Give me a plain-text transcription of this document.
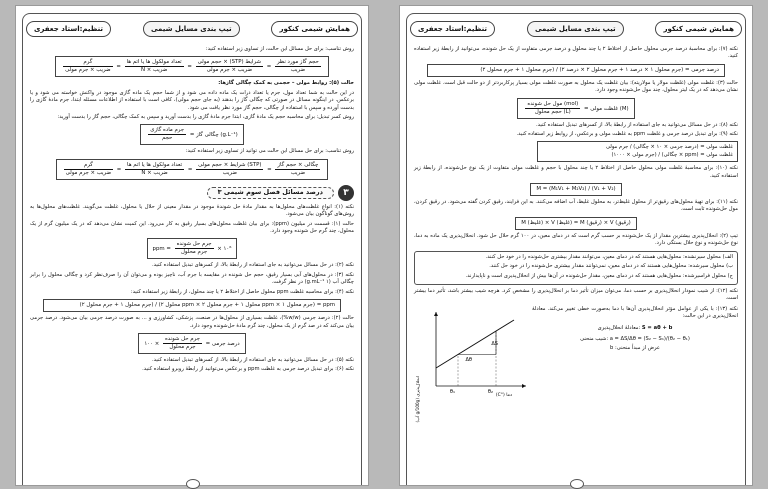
تنظیم:استاد جعفری	تیپ بندی مسایل شیمی	همایش شیمی کنکور

روش تناسب: برای حل مسائل این حالت، از تساوی زیر استفاده کنید:

$\frac{\text{حجم گاز مورد نظر}}{\text{ضریب}}$
=
$\frac{\text{شرایط (STP) × حجم مولی}}{\text{ضریب × جرم مولی}}$
=
$\frac{\text{تعداد مولکول ها یا اتم ها}}{\text{ضریب × N}}$
=
$\frac{\text{گرم}}{\text{ضریب × جرم مولی}}$

حالت (۵): روابط مولی – حجمی به کمک چگالی گازها:

در این حالت به شما تعداد مول، جرم یا تعداد ذرات یک ماده داده می شود و از شما حجم یک ماده گازی موجود در واکنش خواسته می شود و یا برعکس. در اینگونه مسائل در صورتی که چگالی گاز را بدهند (به جای حجم مولی)، کافی است با استفاده از اطلاعات مسئله ابتدا، جرم مادهٔ گازی را بدست آورده و سپس با استفاده از چگالی، حجم گاز مورد نظر یافت می شود.

روش کسر تبدیل: برای محاسبه حجم یک مادهٔ گازی، ابتدا جرم مادهٔ گازی را بدست آورید و سپس به کمک چگالی، حجم گاز را بدست آورید:

(g.L⁻¹) چگالی گاز =
$\frac{\text{جرم ماده گازی}}{\text{حجم}}$

روش تناسب: برای حل مسائل این حالت می توانید از تساوی زیر استفاده کنید:

$\frac{\text{چگالی × حجم گاز}}{\text{ضریب}}$
=
$\frac{\text{(STP) شرایط × حجم مولی}}{\text{ضریب}}$
=
$\frac{\text{تعداد مولکول ها یا اتم ها}}{\text{ضریب × N}}$
=
$\frac{\text{گرم}}{\text{ضریب × جرم مولی}}$
۳
درصد مسائل فصل سوم شیمی ۳

نکته (۱): انواع غلظت‌های محلول‌ها به مقدار مادهٔ حل شوندهٔ موجود در مقدار معینی از حلال یا محلول، غلظت می‌گویند. غلظت‌های محلول‌ها به روش‌های گوناگون بیان می‌شود.

حالت (۱): قسمت در میلیون (ppm): برای بیان غلظت محلول‌های بسیار رقیق به کار می‌رود. این کمیت نشان می‌دهد که در یک میلیون گرم از یک محلول، چند گرم حل شونده وجود دارد.

ppm = $\frac{\text{جرم حل شونده}}{\text{جرم محلول}}$ × ۱۰⁶

نکته (۲): در حل مسائل می‌توانید به جای استفاده از رابطهٔ بالا، از کسرهای تبدیل استفاده کنید.

نکته (۳): در محلول‌های آبی بسیار رقیق، حجم حل شونده در مقایسه با جرم آب، ناچیز بوده و می‌توان آن را صرف‌نظر کرد و چگالی محلول را برابر چگالی آب (۱ g.mL⁻¹) در نظر گرفت.

نکته (۴): برای محاسبه غلظت ppm محلول حاصل از اختلاط ۲ یا چند محلول، از رابطهٔ زیر استفاده کنید:

ppm = (جرم محلول ۱ × ppm محلول ۱ + جرم محلول ۲ × ppm محلول ۲) / (جرم محلول ۱ + جرم محلول ۲)

حالت (۲): درصد جرمی (w/w%)، غلظت بسیاری از محلول‌ها در صنعت، پزشکی، کشاورزی و ... به صورت درصد جرمی بیان می‌شود. درصد جرمی بیان می‌کند که در صد گرم از یک محلول، چند گرم مادهٔ حل‌شونده وجود دارد.

درصد جرمی =
$\frac{\text{جرم حل شونده}}{\text{جرم محلول}}$
× ۱۰۰

نکته (۵): در حل مسائل می‌توانید به جای استفاده از رابطهٔ بالا، از کسرهای تبدیل استفاده کنید.

نکته (۶): برای تبدیل درصد جرمی به غلظت ppm و برعکس می‌توانید از رابطهٔ روبرو استفاده کنید.

تنظیم:استاد جعفری	تیپ بندی مسایل شیمی	همایش شیمی کنکور

نکته (۷): برای محاسبهٔ درصد جرمی محلول حاصل از اختلاط ۲ یا چند محلول و درصد جرمی متفاوت از یک حل شونده، می‌توانید از رابطهٔ زیر استفاده کنید.

درصد جرمی = (جرم محلول ۱ × درصد ۱ + جرم محلول ۲ × درصد ۲) / (جرم محلول ۱ + جرم محلول ۲)

حالت (۳): غلظت مولی (غلظت مولار یا مولاریته): بیان غلظت یک محلول به صورت غلظت مولی بسیار پرکاربردتر از دو حالت قبل است. غلظت مولی نشان می‌دهد که در یک لیتر محلول، چند مول حل‌شونده وجود دارد.

(M) غلظت مولی =
$\frac{\text{(mol) مول حل شونده}}{\text{(L) حجم محلول}}$

نکته (۸): در حل مسائل می‌توانید به جای استفاده از رابطهٔ بالا، از کسرهای تبدیل استفاده کنید.

نکته (۹): برای تبدیل درصد جرمی و غلظت ppm به غلظت مولی و برعکس، از روابط زیر استفاده کنید.

غلظت مولی = (درصد جرمی × ۱۰ × چگالی) / جرم مولی
غلظت مولی = (ppm × چگالی) / (جرم مولی × ۱۰۰۰)

نکته (۱۰): برای محاسبهٔ غلظت مولی محلول حاصل از اختلاط ۲ یا چند محلول با حجم و غلظت مولی متفاوت از یک نوع حل‌شونده، از رابطهٔ زیر استفاده کنید.

M = (M₁V₁ + M₂V₂) / (V₁ + V₂)

نکته (۱۱): برای تهیهٔ محلول‌های رقیق‌تر از محلول غلیظ‌تر، به محلول غلیظ، آب اضافه می‌کنند. به این فرایند، رقیق کردن گفته می‌شود. در رقیق کردن، مول حل‌شونده ثابت است.

(رقیق) V × (رقیق) M = (غلیظ) V × (غلیظ) M

تیپ (۲): انحلال‌پذیری بیشترین مقدار از یک حل‌شونده بر حسب گرم است که در دمای معین، در ۱۰۰ گرم حلال حل شود. انحلال‌پذیری یک ماده به دما، نوع حل‌شونده و نوع حلال بستگی دارد.

الف) محلول سیرنشده: محلول‌هایی هستند که در دمای معین، می‌توانند مقدار بیشتری حل‌شونده را در خود حل کنند.

ب) محلول سیرشده: محلول‌هایی هستند که در دمای معین، نمی‌توانند مقدار بیشتری حل‌شونده را در خود حل کنند.

ج) محلول فراسیرشده: محلول‌هایی هستند که در دمای معین، مقدار حل‌شونده در آن‌ها بیش از انحلال‌پذیری است و ناپایدارند.

نکته (۱۲): از شیب نمودار انحلال‌پذیری بر حسب دما، می‌توان میزان تأثیر دما بر انحلال‌پذیری را مشخص کرد. هرچه شیب بیشتر باشد، تأثیر دما بیشتر است.

نکته (۱۳): با یکی از عوامل مؤثر انحلال‌پذیری آن‌ها با دما به‌صورت خطی تغییر می‌کند. معادلهٔ انحلال‌پذیری در این حالت:

معادلهٔ انحلال‌پذیری: S = aθ + b

شیب منحنی: a = ΔS/Δθ = (S₂ − S₁)/(θ₂ − θ₁)

عرض از مبدأ منحنی: b

ΔS
Δθ
θ₁	θ₂
دما (°C)
انحلال‌پذیری (g/100g آب)
